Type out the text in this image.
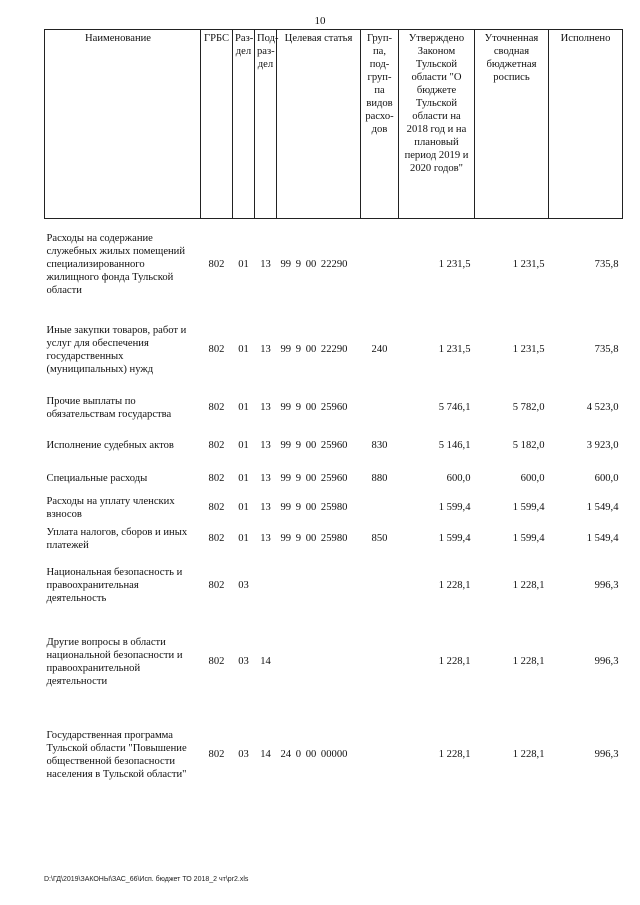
10
Наименование	ГРБС	Раз-дел	Под-раз-дел	Целевая статья	Груп-па, под-груп-па видов расхо-дов	Утверждено Законом Тульской области "О бюджете Тульской области на 2018 год и на плановый период 2019 и 2020 годов"	Уточненная сводная бюджетная роспись	Исполнено
Расходы на содержание служебных жилых помещений специализированного жилищного фонда Тульской области	802	01	13	99 9 00 22290		1 231,5	1 231,5	735,8
Иные закупки товаров, работ и услуг для обеспечения государственных (муниципальных) нужд	802	01	13	99 9 00 22290	240	1 231,5	1 231,5	735,8
Прочие выплаты по обязательствам государства	802	01	13	99 9 00 25960		5 746,1	5 782,0	4 523,0
Исполнение судебных актов	802	01	13	99 9 00 25960	830	5 146,1	5 182,0	3 923,0
Специальные расходы	802	01	13	99 9 00 25960	880	600,0	600,0	600,0
Расходы на уплату членских взносов	802	01	13	99 9 00 25980		1 599,4	1 599,4	1 549,4
Уплата налогов, сборов и иных платежей	802	01	13	99 9 00 25980	850	1 599,4	1 599,4	1 549,4
Национальная безопасность и правоохранительная деятельность	802	03				1 228,1	1 228,1	996,3
Другие вопросы в области национальной безопасности и правоохранительной деятельности	802	03	14			1 228,1	1 228,1	996,3
Государственная программа Тульской области "Повышение общественной безопасности населения в Тульской области"	802	03	14	24 0 00 00000		1 228,1	1 228,1	996,3
D:\ГД\2019\ЗАКОНЫ\ЗАС_66\Исп. бюджет ТО 2018_2 чт\pr2.xls
